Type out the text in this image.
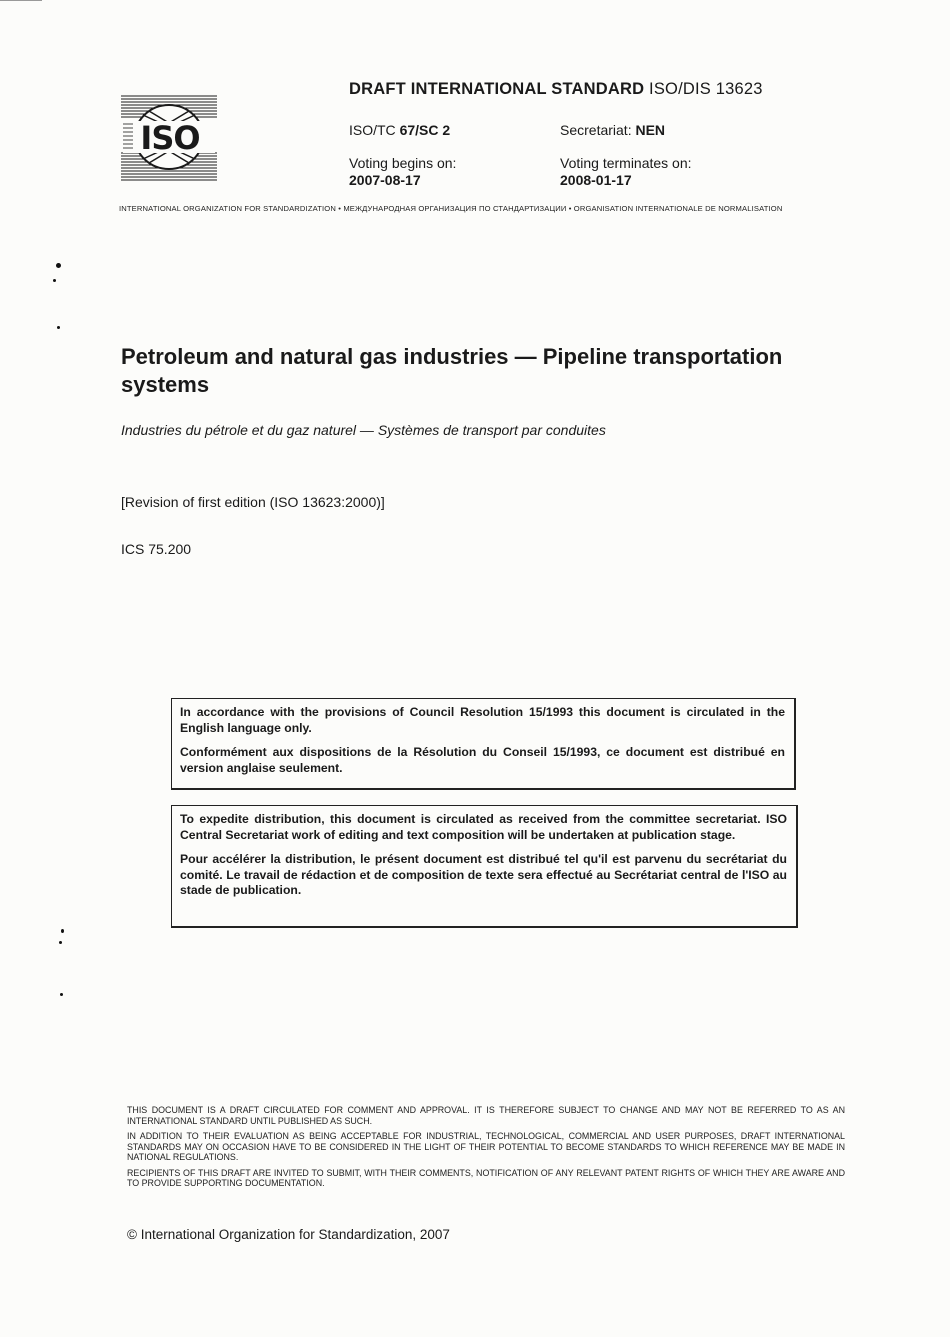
ISO
DRAFT INTERNATIONAL STANDARD ISO/DIS 13623
ISO/TC 67/SC 2	Secretariat: NEN
Voting begins on:
2007-08-17
Voting terminates on:
2008-01-17
INTERNATIONAL ORGANIZATION FOR STANDARDIZATION • МЕЖДУНАРОДНАЯ ОРГАНИЗАЦИЯ ПО СТАНДАРТИЗАЦИИ • ORGANISATION INTERNATIONALE DE NORMALISATION
Petroleum and natural gas industries — Pipeline transportation systems
Industries du pétrole et du gaz naturel — Systèmes de transport par conduites
[Revision of first edition (ISO 13623:2000)]
ICS 75.200

In accordance with the provisions of Council Resolution 15/1993 this document is circulated in the English language only.

Conformément aux dispositions de la Résolution du Conseil 15/1993, ce document est distribué en version anglaise seulement.

To expedite distribution, this document is circulated as received from the committee secretariat. ISO Central Secretariat work of editing and text composition will be undertaken at publication stage.

Pour accélérer la distribution, le présent document est distribué tel qu'il est parvenu du secrétariat du comité. Le travail de rédaction et de composition de texte sera effectué au Secrétariat central de l'ISO au stade de publication.

THIS DOCUMENT IS A DRAFT CIRCULATED FOR COMMENT AND APPROVAL. IT IS THEREFORE SUBJECT TO CHANGE AND MAY NOT BE REFERRED TO AS AN INTERNATIONAL STANDARD UNTIL PUBLISHED AS SUCH.

IN ADDITION TO THEIR EVALUATION AS BEING ACCEPTABLE FOR INDUSTRIAL, TECHNOLOGICAL, COMMERCIAL AND USER PURPOSES, DRAFT INTERNATIONAL STANDARDS MAY ON OCCASION HAVE TO BE CONSIDERED IN THE LIGHT OF THEIR POTENTIAL TO BECOME STANDARDS TO WHICH REFERENCE MAY BE MADE IN NATIONAL REGULATIONS.

RECIPIENTS OF THIS DRAFT ARE INVITED TO SUBMIT, WITH THEIR COMMENTS, NOTIFICATION OF ANY RELEVANT PATENT RIGHTS OF WHICH THEY ARE AWARE AND TO PROVIDE SUPPORTING DOCUMENTATION.

© International Organization for Standardization, 2007
